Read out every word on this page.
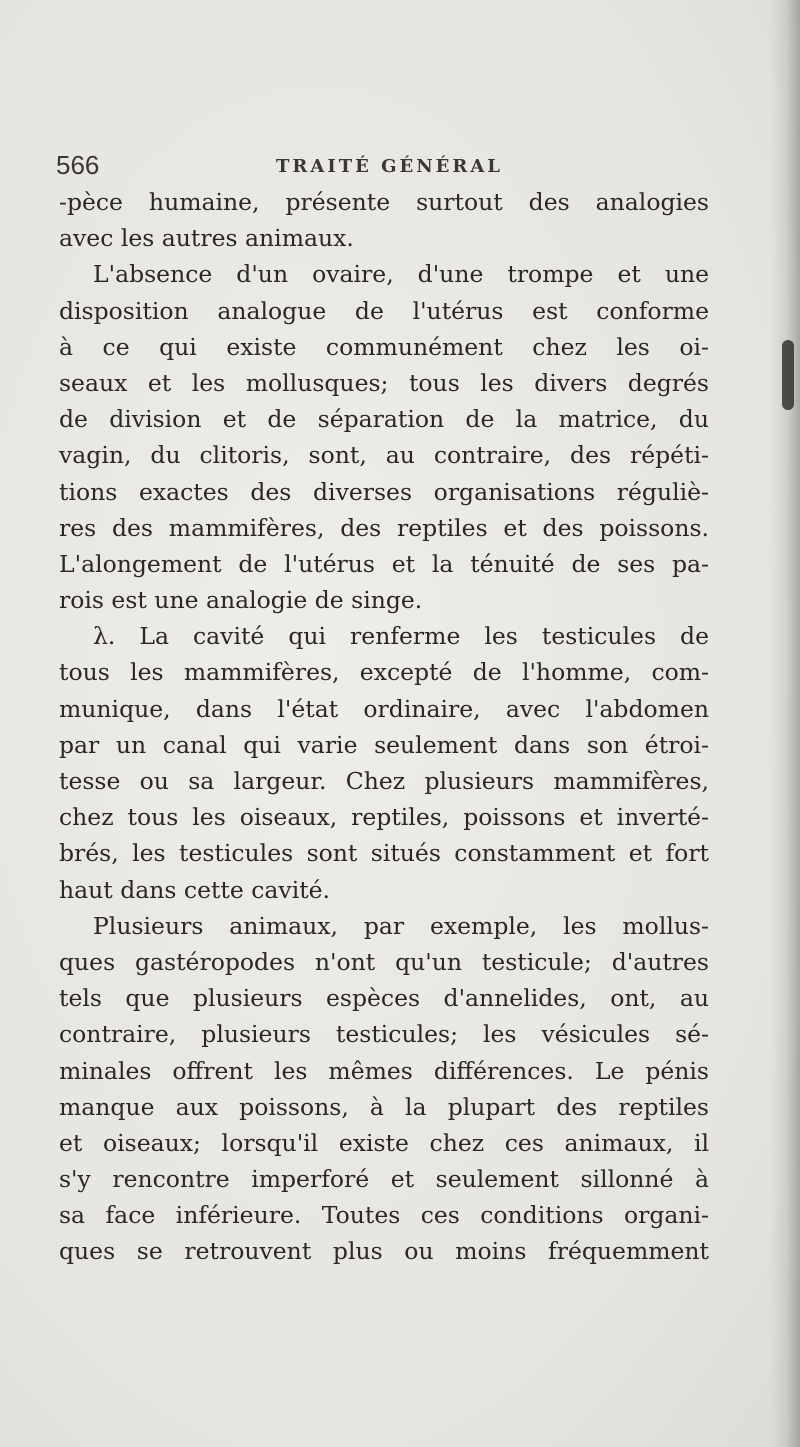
566	TRAITÉ GÉNÉRAL
-pèce humaine, présente surtout des analogies
avec les autres animaux.
L'absence d'un ovaire, d'une trompe et une
disposition analogue de l'utérus est conforme
à ce qui existe communément chez les oi-
seaux et les mollusques; tous les divers degrés
de division et de séparation de la matrice, du
vagin, du clitoris, sont, au contraire, des répéti-
tions exactes des diverses organisations réguliè-
res des mammifères, des reptiles et des poissons.
L'alongement de l'utérus et la ténuité de ses pa-
rois est une analogie de singe.
λ. La cavité qui renferme les testicules de
tous les mammifères, excepté de l'homme, com-
munique, dans l'état ordinaire, avec l'abdomen
par un canal qui varie seulement dans son étroi-
tesse ou sa largeur. Chez plusieurs mammifères,
chez tous les oiseaux, reptiles, poissons et inverté-
brés, les testicules sont situés constamment et fort
haut dans cette cavité.
Plusieurs animaux, par exemple, les mollus-
ques gastéropodes n'ont qu'un testicule; d'autres
tels que plusieurs espèces d'annelides, ont, au
contraire, plusieurs testicules; les vésicules sé-
minales offrent les mêmes différences. Le pénis
manque aux poissons, à la plupart des reptiles
et oiseaux; lorsqu'il existe chez ces animaux, il
s'y rencontre imperforé et seulement sillonné à
sa face inférieure. Toutes ces conditions organi-
ques se retrouvent plus ou moins fréquemment
